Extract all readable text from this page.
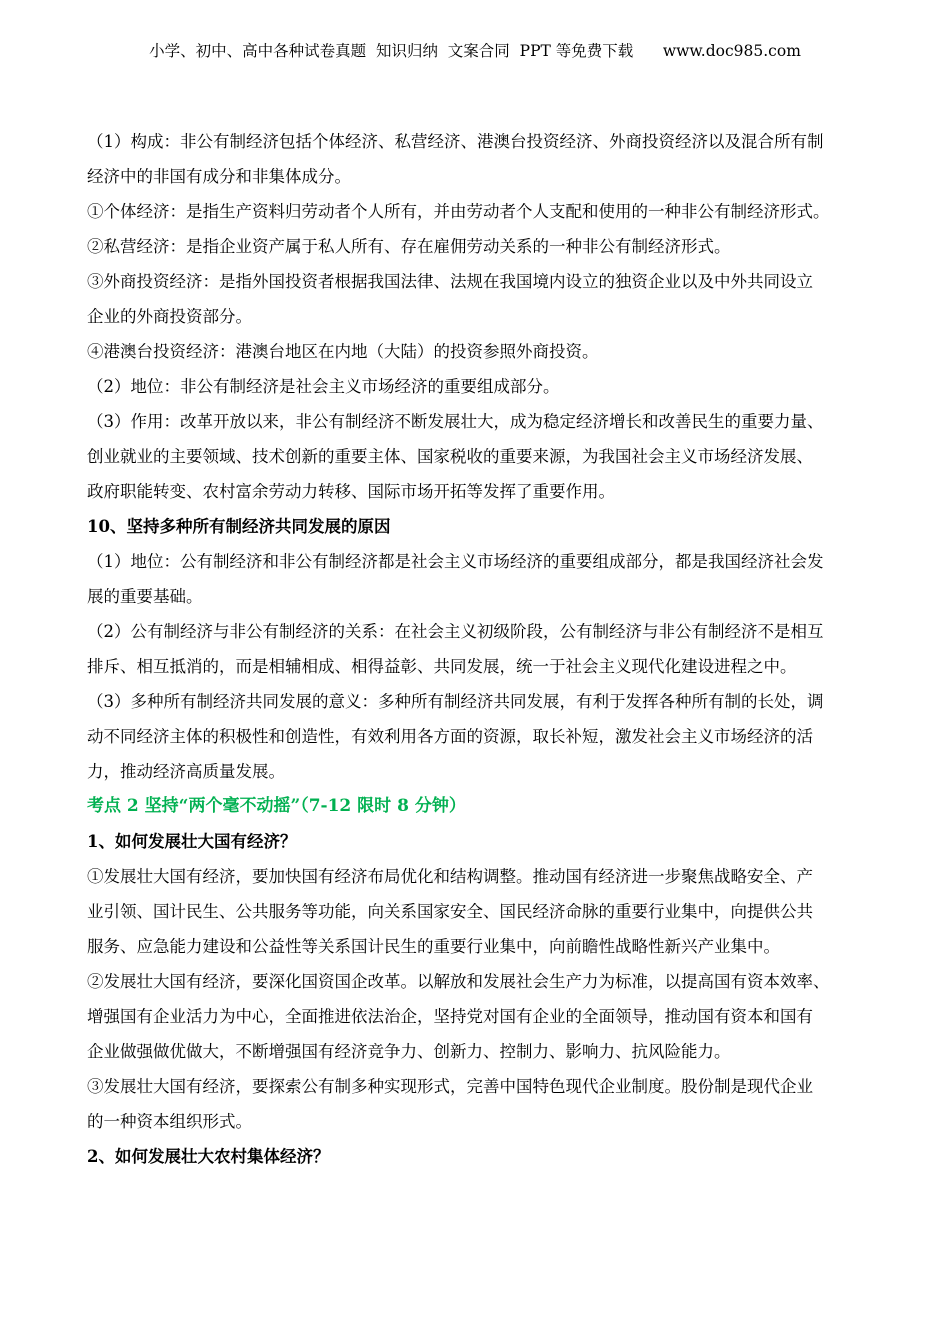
小学、初中、高中各种试卷真题  知识归纳  文案合同  PPT 等免费下载      www.doc985.com
（1）构成：非公有制经济包括个体经济、私营经济、港澳台投资经济、外商投资经济以及混合所有制
经济中的非国有成分和非集体成分。
①个体经济：是指生产资料归劳动者个人所有，并由劳动者个人支配和使用的一种非公有制经济形式。
②私营经济：是指企业资产属于私人所有、存在雇佣劳动关系的一种非公有制经济形式。
③外商投资经济：是指外国投资者根据我国法律、法规在我国境内设立的独资企业以及中外共同设立
企业的外商投资部分。
④港澳台投资经济：港澳台地区在内地（大陆）的投资参照外商投资。
（2）地位：非公有制经济是社会主义市场经济的重要组成部分。
（3）作用：改革开放以来，非公有制经济不断发展壮大，成为稳定经济增长和改善民生的重要力量、
创业就业的主要领域、技术创新的重要主体、国家税收的重要来源，为我国社会主义市场经济发展、
政府职能转变、农村富余劳动力转移、国际市场开拓等发挥了重要作用。
10、坚持多种所有制经济共同发展的原因
（1）地位：公有制经济和非公有制经济都是社会主义市场经济的重要组成部分，都是我国经济社会发
展的重要基础。
（2）公有制经济与非公有制经济的关系：在社会主义初级阶段，公有制经济与非公有制经济不是相互
排斥、相互抵消的，而是相辅相成、相得益彰、共同发展，统一于社会主义现代化建设进程之中。
（3）多种所有制经济共同发展的意义：多种所有制经济共同发展，有利于发挥各种所有制的长处，调
动不同经济主体的积极性和创造性，有效利用各方面的资源，取长补短，激发社会主义市场经济的活
力，推动经济高质量发展。
考点 2 坚持“两个毫不动摇”（7-12 限时 8 分钟）
1、如何发展壮大国有经济？
①发展壮大国有经济，要加快国有经济布局优化和结构调整。推动国有经济进一步聚焦战略安全、产
业引领、国计民生、公共服务等功能，向关系国家安全、国民经济命脉的重要行业集中，向提供公共
服务、应急能力建设和公益性等关系国计民生的重要行业集中，向前瞻性战略性新兴产业集中。
②发展壮大国有经济，要深化国资国企改革。以解放和发展社会生产力为标准，以提高国有资本效率、
增强国有企业活力为中心，全面推进依法治企，坚持党对国有企业的全面领导，推动国有资本和国有
企业做强做优做大，不断增强国有经济竞争力、创新力、控制力、影响力、抗风险能力。
③发展壮大国有经济，要探索公有制多种实现形式，完善中国特色现代企业制度。股份制是现代企业
的一种资本组织形式。
2、如何发展壮大农村集体经济？
